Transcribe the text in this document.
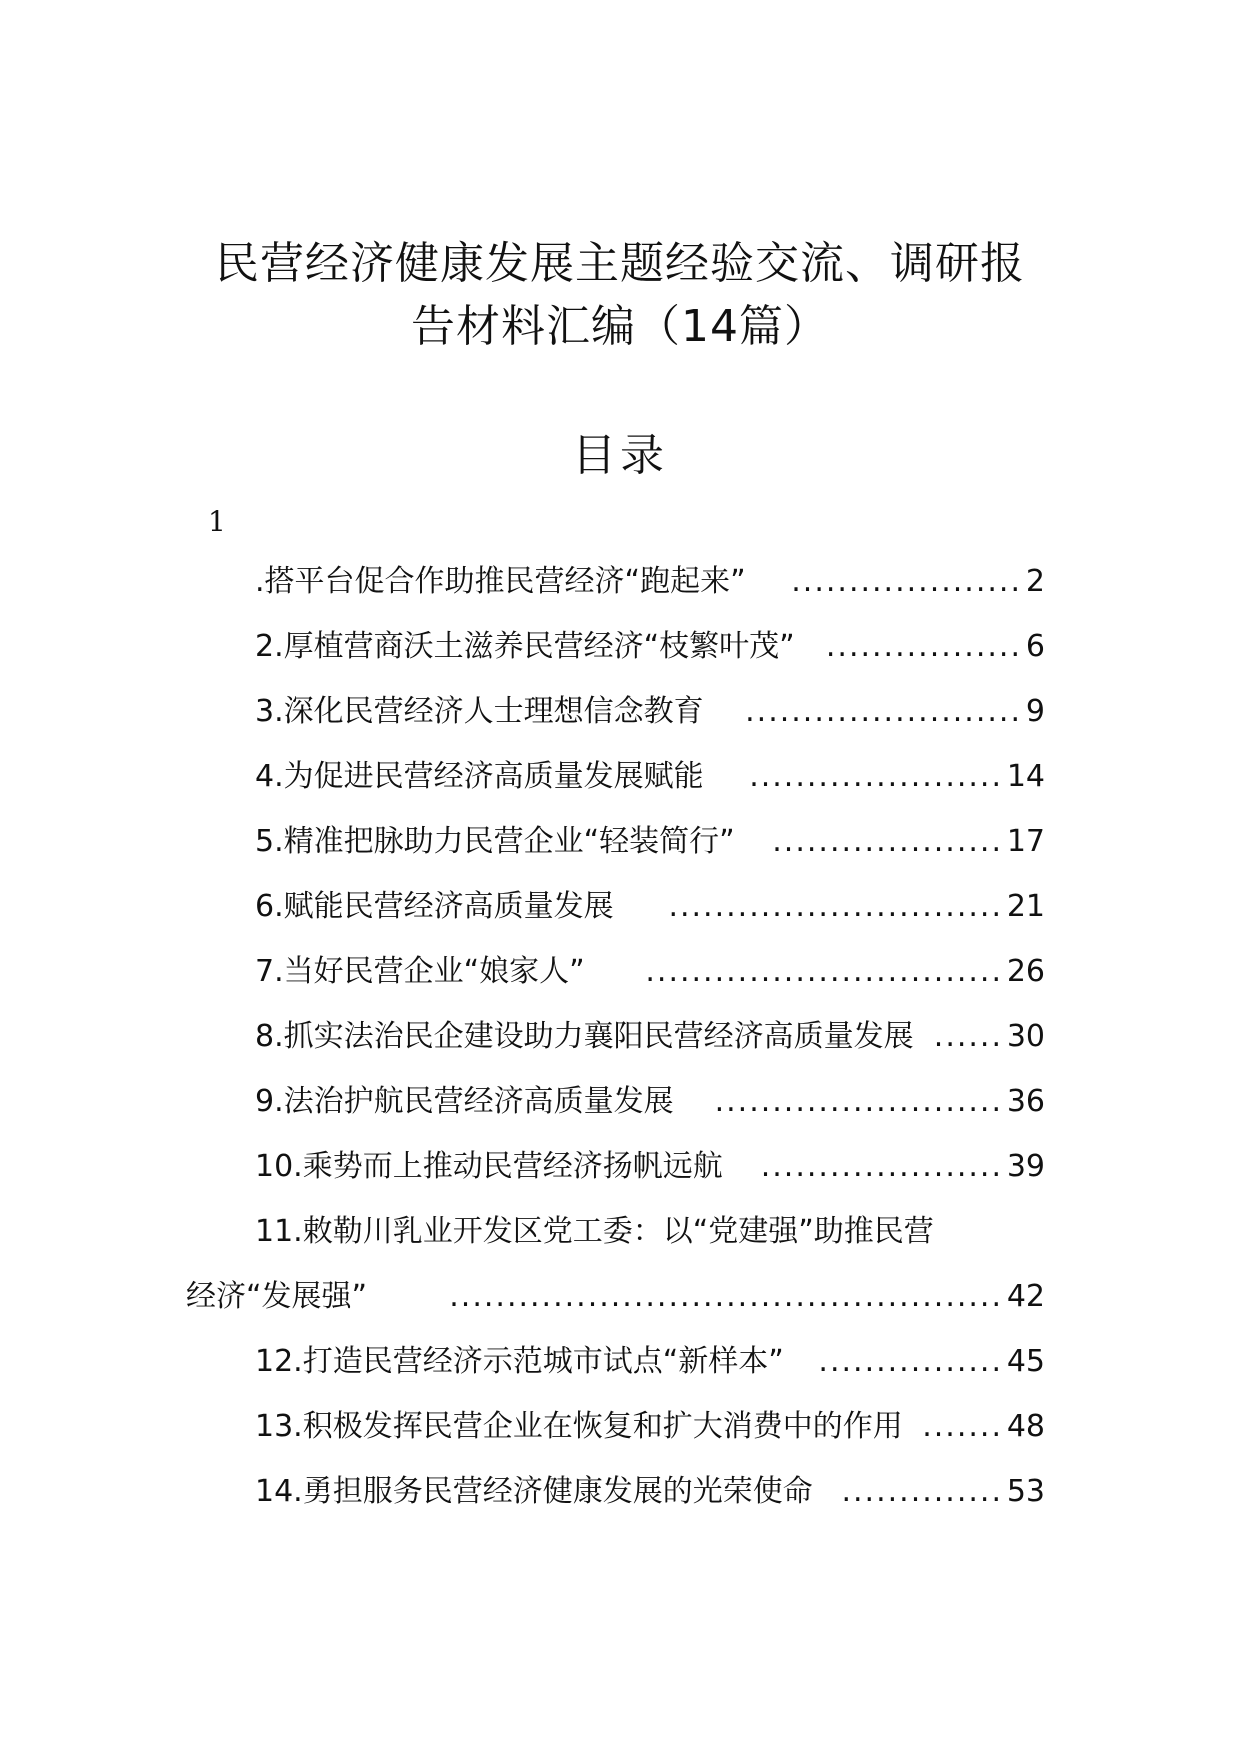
民营经济健康发展主题经验交流、调研报
告材料汇编（14篇）
目录
1
.搭平台促合作助推民营经济“跑起来”	2
....................
2.厚植营商沃土滋养民营经济“枝繁叶茂”	6
.................
3.深化民营经济人士理想信念教育	9
........................
4.为促进民营经济高质量发展赋能	14
......................
5.精准把脉助力民营企业“轻装简行”	17
....................
6.赋能民营经济高质量发展	21
.............................
7.当好民营企业“娘家人”	26
...............................
8.抓实法治民企建设助力襄阳民营经济高质量发展	30
......
9.法治护航民营经济高质量发展	36
.........................
10.乘势而上推动民营经济扬帆远航	39
.....................
11.敕勒川乳业开发区党工委：以“党建强”助推民营
经济“发展强”	42
................................................
12.打造民营经济示范城市试点“新样本”	45
................
13.积极发挥民营企业在恢复和扩大消费中的作用	48
.......
14.勇担服务民营经济健康发展的光荣使命	53
..............
